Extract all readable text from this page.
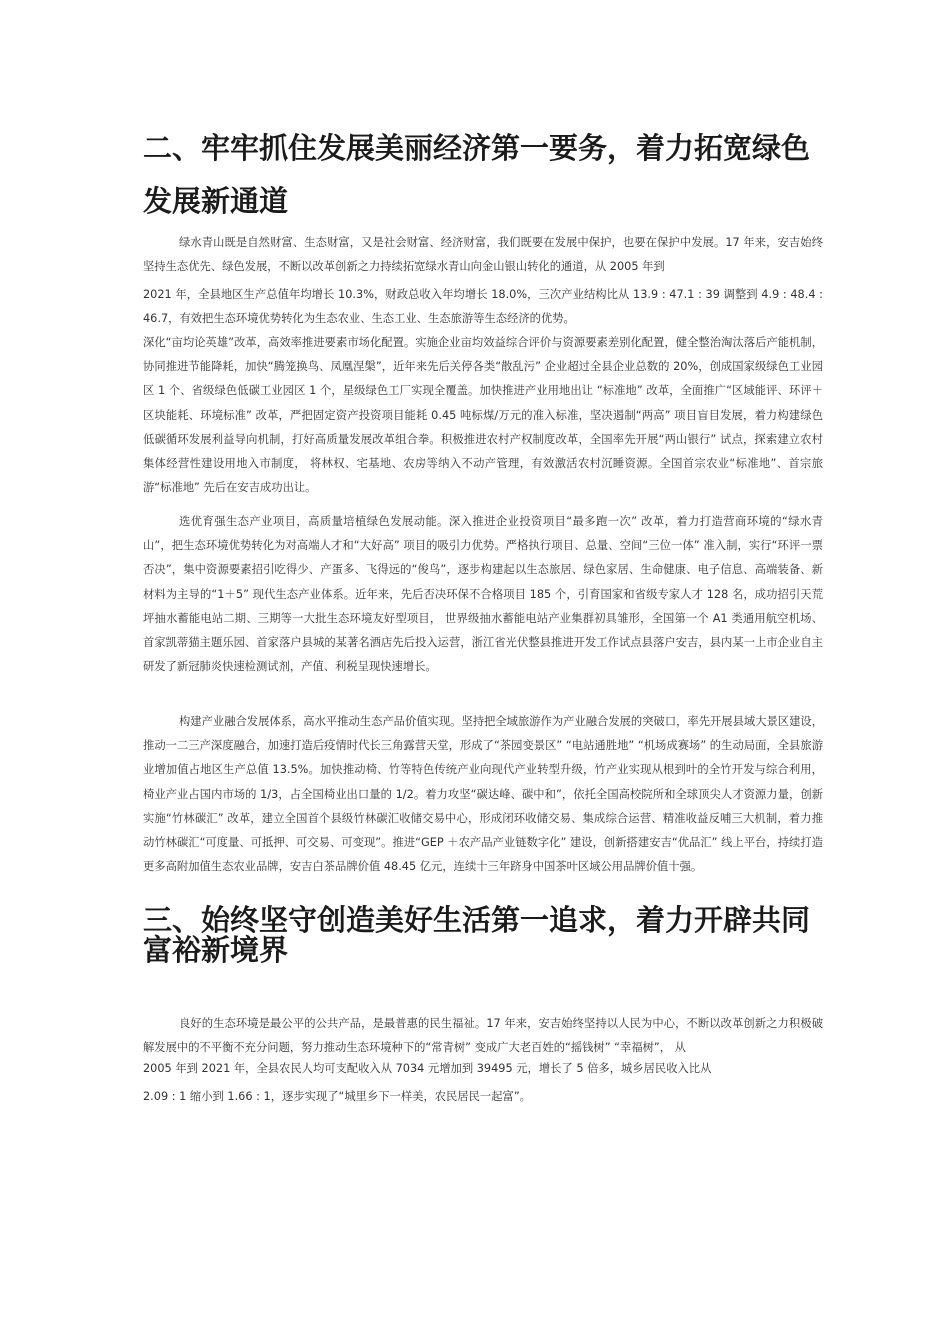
二、牢牢抓住发展美丽经济第一要务，着力拓宽绿色发展新通道

绿水青山既是自然财富、生态财富，又是社会财富、经济财富，我们既要在发展中保护，也要在保护中发展。17 年来，安吉始终坚持生态优先、绿色发展，不断以改革创新之力持续拓宽绿水青山向金山银山转化的通道，从 2005 年到

2021 年，全县地区生产总值年均增长 10.3%，财政总收入年均增长 18.0%，三次产业结构比从 13.9 : 47.1 : 39 调整到 4.9 : 48.4 : 46.7，有效把生态环境优势转化为生态农业、生态工业、生态旅游等生态经济的优势。

深化“亩均论英雄”改革，高效率推进要素市场化配置。实施企业亩均效益综合评价与资源要素差别化配置，健全整治淘汰落后产能机制，协同推进节能降耗，加快“腾笼换鸟、凤凰涅槃”，近年来先后关停各类“散乱污” 企业超过全县企业总数的 20%，创成国家级绿色工业园区 1 个、省级绿色低碳工业园区 1 个，星级绿色工厂实现全覆盖。加快推进产业用地出让 “标准地” 改革，全面推广“区域能评、环评＋区块能耗、环境标准” 改革，严把固定资产投资项目能耗 0.45 吨标煤/万元的准入标准，坚决遏制“两高” 项目盲目发展，着力构建绿色低碳循环发展利益导向机制，打好高质量发展改革组合拳。积极推进农村产权制度改革，全国率先开展“两山银行” 试点，探索建立农村集体经营性建设用地入市制度， 将林权、宅基地、农房等纳入不动产管理，有效激活农村沉睡资源。全国首宗农业“标准地”、首宗旅游“标准地” 先后在安吉成功出让。

选优育强生态产业项目，高质量培植绿色发展动能。深入推进企业投资项目“最多跑一次” 改革，着力打造营商环境的“绿水青山”，把生态环境优势转化为对高端人才和“大好高” 项目的吸引力优势。严格执行项目、总量、空间“三位一体” 准入制，实行“环评一票否决”，集中资源要素招引吃得少、产蛋多、飞得远的“俊鸟”，逐步构建起以生态旅居、绿色家居、生命健康、电子信息、高端装备、新材料为主导的“1＋5” 现代生态产业体系。近年来，先后否决环保不合格项目 185 个，引育国家和省级专家人才 128 名，成功招引天荒坪抽水蓄能电站二期、三期等一大批生态环境友好型项目， 世界级抽水蓄能电站产业集群初具雏形，全国第一个 A1 类通用航空机场、首家凯蒂猫主题乐园、首家落户县城的某著名酒店先后投入运营，浙江省光伏整县推进开发工作试点县落户安吉，县内某一上市企业自主研发了新冠肺炎快速检测试剂，产值、利税呈现快速增长。

构建产业融合发展体系，高水平推动生态产品价值实现。坚持把全域旅游作为产业融合发展的突破口，率先开展县域大景区建设，推动一二三产深度融合，加速打造后疫情时代长三角露营天堂，形成了“茶园变景区” “电站通胜地” “机场成赛场” 的生动局面，全县旅游业增加值占地区生产总值 13.5%。加快推动椅、竹等特色传统产业向现代产业转型升级，竹产业实现从根到叶的全竹开发与综合利用，椅业产业占国内市场的 1/3，占全国椅业出口量的 1/2。着力攻坚“碳达峰、碳中和”，依托全国高校院所和全球顶尖人才资源力量，创新实施“竹林碳汇” 改革，建立全国首个县级竹林碳汇收储交易中心，形成闭环收储交易、集成综合运营、精准收益反哺三大机制，着力推动竹林碳汇“可度量、可抵押、可交易、可变现”。推进“GEP ＋农产品产业链数字化” 建设，创新搭建安吉“优品汇” 线上平台，持续打造更多高附加值生态农业品牌，安吉白茶品牌价值 48.45 亿元，连续十三年跻身中国茶叶区域公用品牌价值十强。

三、始终坚守创造美好生活第一追求，着力开辟共同富裕新境界

良好的生态环境是最公平的公共产品，是最普惠的民生福祉。17 年来，安吉始终坚持以人民为中心，不断以改革创新之力积极破解发展中的不平衡不充分问题，努力推动生态环境种下的“常青树” 变成广大老百姓的“摇钱树” “幸福树”， 从

2005 年到 2021 年，全县农民人均可支配收入从 7034 元增加到 39495 元，增长了 5 倍多，城乡居民收入比从

2.09 : 1 缩小到 1.66 : 1，逐步实现了“城里乡下一样美，农民居民一起富”。
